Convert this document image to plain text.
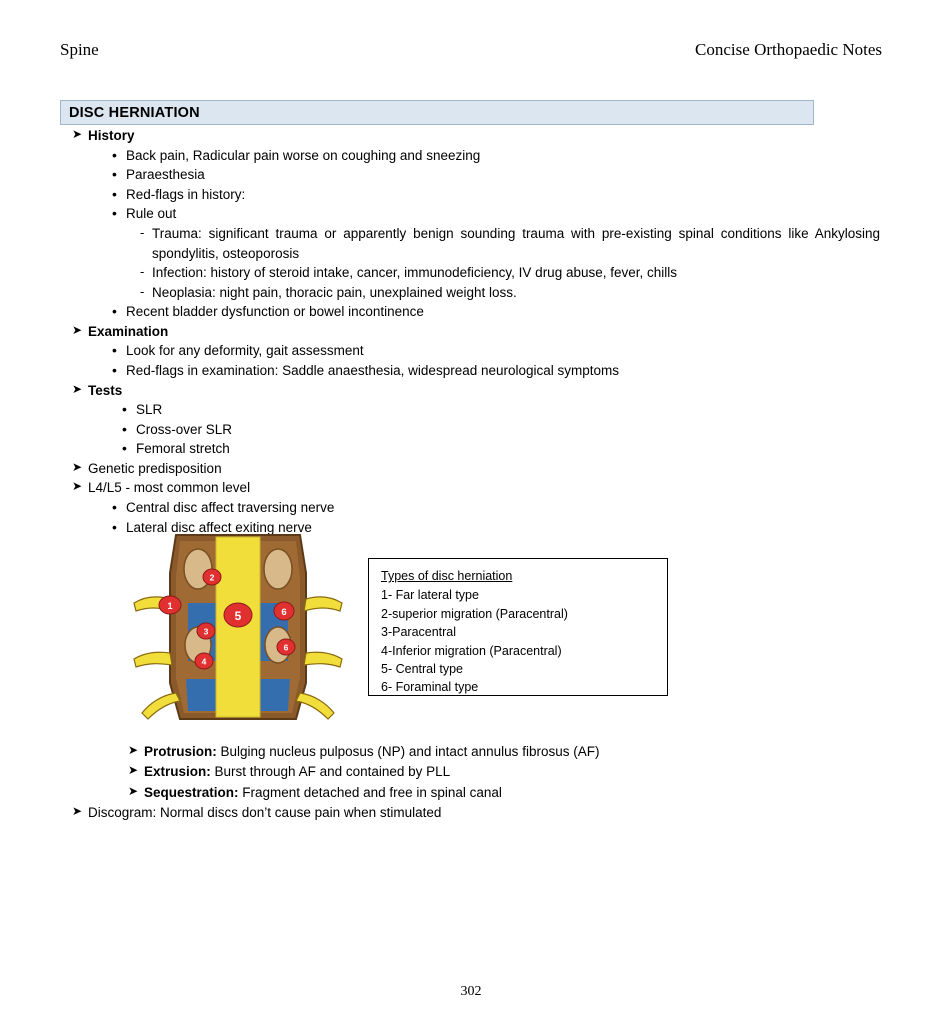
Spine	Concise Orthopaedic Notes
DISC HERNIATION
➤ History
• Back pain, Radicular pain worse on coughing and sneezing
• Paraesthesia
• Red-flags in history:
• Rule out
- Trauma: significant trauma or apparently benign sounding trauma with pre-existing spinal conditions like Ankylosing spondylitis, osteoporosis
- Infection: history of steroid intake, cancer, immunodeficiency, IV drug abuse, fever, chills
- Neoplasia: night pain, thoracic pain, unexplained weight loss.
• Recent bladder dysfunction or bowel incontinence
➤ Examination
• Look for any deformity, gait assessment
• Red-flags in examination: Saddle anaesthesia, widespread neurological symptoms
➤ Tests
• SLR
• Cross-over SLR
• Femoral stretch
➤ Genetic predisposition
➤ L4/L5 - most common level
• Central disc affect traversing nerve
• Lateral disc affect exiting nerve
1
2
3
4
5	6
6
Types of disc herniation
1- Far lateral type
2-superior migration (Paracentral)
3-Paracentral
4-Inferior migration (Paracentral)
5- Central type
6- Foraminal type
➤ Protrusion: Bulging nucleus pulposus (NP) and intact annulus fibrosus (AF)
➤ Extrusion: Burst through AF and contained by PLL
➤ Sequestration: Fragment detached and free in spinal canal
➤ Discogram: Normal discs don’t cause pain when stimulated
302
